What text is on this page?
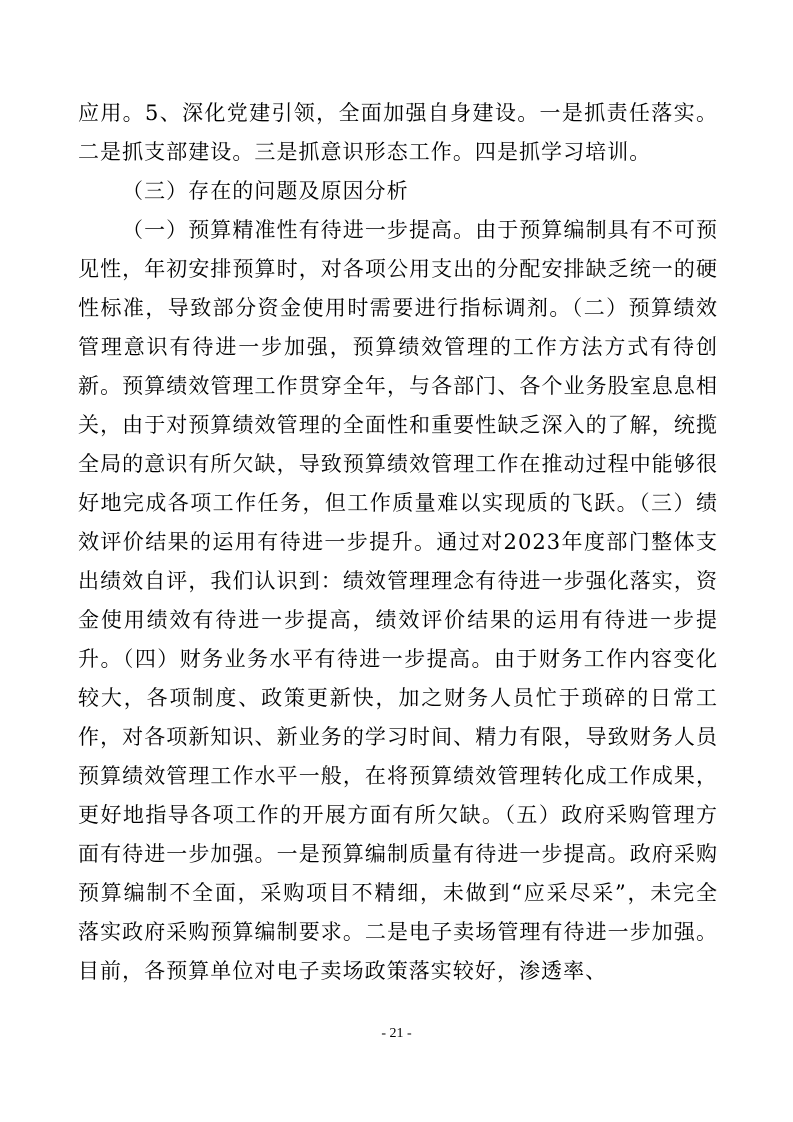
应用。5、深化党建引领，全面加强自身建设。一是抓责任落实。二是抓支部建设。三是抓意识形态工作。四是抓学习培训。

（三）存在的问题及原因分析

（一）预算精准性有待进一步提高。由于预算编制具有不可预见性，年初安排预算时，对各项公用支出的分配安排缺乏统一的硬性标准，导致部分资金使用时需要进行指标调剂。（二）预算绩效管理意识有待进一步加强，预算绩效管理的工作方法方式有待创新。预算绩效管理工作贯穿全年，与各部门、各个业务股室息息相关，由于对预算绩效管理的全面性和重要性缺乏深入的了解，统揽全局的意识有所欠缺，导致预算绩效管理工作在推动过程中能够很好地完成各项工作任务，但工作质量难以实现质的飞跃。（三）绩效评价结果的运用有待进一步提升。通过对2023年度部门整体支出绩效自评，我们认识到：绩效管理理念有待进一步强化落实，资金使用绩效有待进一步提高，绩效评价结果的运用有待进一步提升。（四）财务业务水平有待进一步提高。由于财务工作内容变化较大，各项制度、政策更新快，加之财务人员忙于琐碎的日常工作，对各项新知识、新业务的学习时间、精力有限，导致财务人员预算绩效管理工作水平一般，在将预算绩效管理转化成工作成果，更好地指导各项工作的开展方面有所欠缺。（五）政府采购管理方面有待进一步加强。一是预算编制质量有待进一步提高。政府采购预算编制不全面，采购项目不精细，未做到“应采尽采”，未完全落实政府采购预算编制要求。二是电子卖场管理有待进一步加强。目前，各预算单位对电子卖场政策落实较好，渗透率、

- 21 -
